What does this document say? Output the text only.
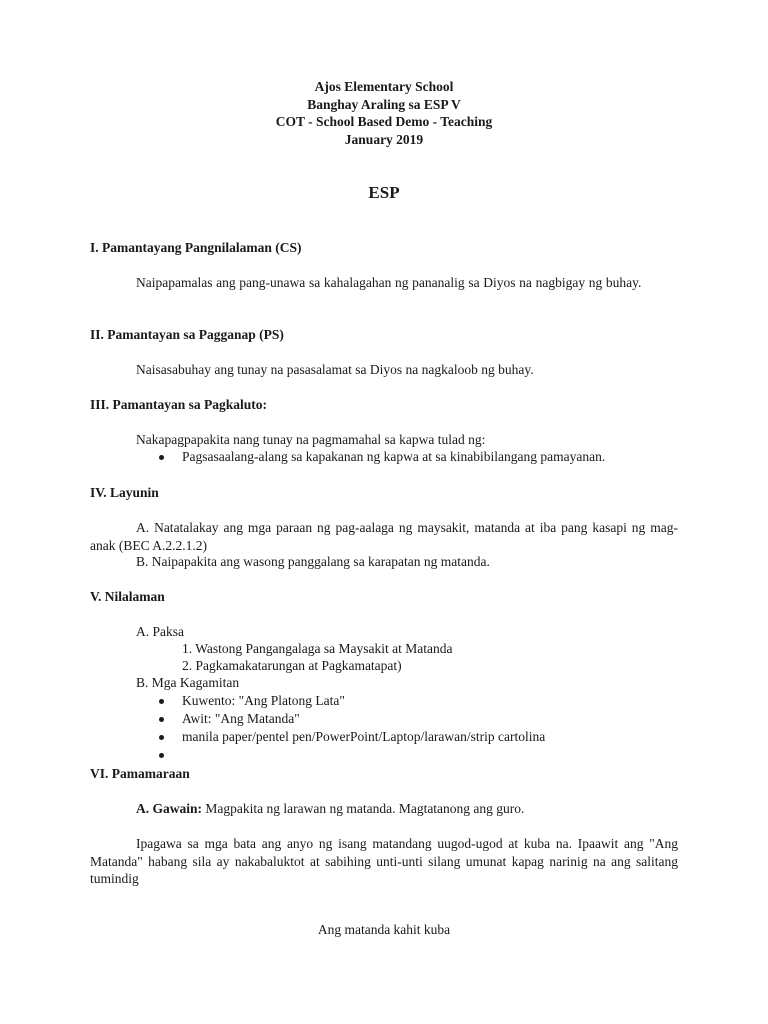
Ajos Elementary School
Banghay Araling sa ESP V
COT - School Based Demo - Teaching
January 2019
ESP
I. Pamantayang Pangnilalaman (CS)
Naipapamalas ang pang-unawa sa kahalagahan ng pananalig sa Diyos na nagbigay ng buhay.
II. Pamantayan sa Pagganap (PS)
Naisasabuhay ang tunay na pasasalamat sa Diyos na nagkaloob ng buhay.
III. Pamantayan sa Pagkaluto:
Nakapagpapakita nang tunay na pagmamahal sa kapwa tulad ng:
Pagsasaalang-alang sa kapakanan ng kapwa at sa kinabibilangang pamayanan.
IV. Layunin
A. Natatalakay ang mga paraan ng pag-aalaga ng maysakit, matanda at iba pang kasapi ng mag-anak (BEC A.2.2.1.2)
B. Naipapakita ang wasong panggalang sa karapatan ng matanda.
V. Nilalaman
A. Paksa
1. Wastong Pangangalaga sa Maysakit at Matanda
2. Pagkamakatarungan at Pagkamatapat)
B. Mga Kagamitan
Kuwento: "Ang Platong Lata"
Awit: "Ang Matanda"
manila paper/pentel pen/PowerPoint/Laptop/larawan/strip cartolina
VI. Pamamaraan
A. Gawain: Magpakita ng larawan ng matanda. Magtatanong ang guro.
Ipagawa sa mga bata ang anyo ng isang matandang uugod-ugod at kuba na. Ipaawit ang "Ang Matanda" habang sila ay nakabaluktot at sabihing unti-unti silang umunat kapag narinig na ang salitang tumindig
Ang matanda kahit kuba
